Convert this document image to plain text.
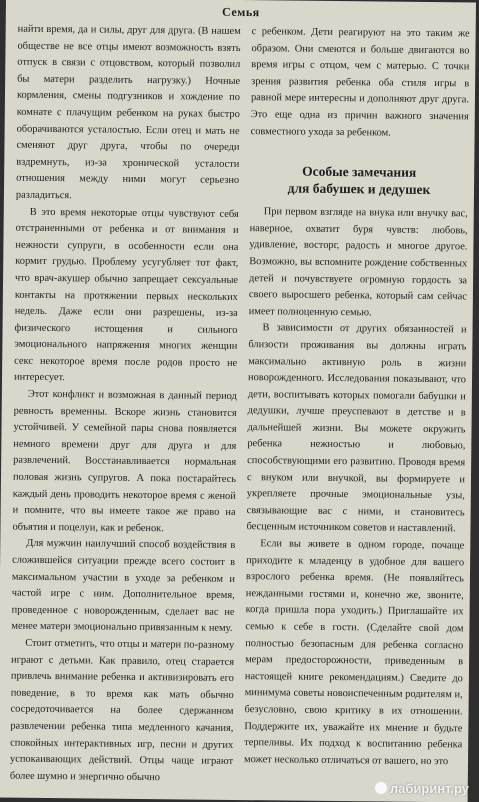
Семья

найти время, да и силы, друг для друга. (В нашем обществе не все отцы имеют возможность взять отпуск в связи с отцовством, который позволил бы матери разделить нагрузку.) Ночные кормления, смены подгузников и хождение по комнате с плачущим ребенком на руках быстро оборачиваются усталостью. Если отец и мать не сменяют друг друга, чтобы по очереди вздремнуть, из-за хронической усталости отношения между ними могут серьезно разладиться.

В это время некоторые отцы чувствуют себя отстраненными от ребенка и от внимания и нежности супруги, в особенности если она кормит грудью. Проблему усугубляет тот факт, что врач-акушер обычно запрещает сексуальные контакты на протяжении первых нескольких недель. Даже если они разрешены, из-за физического истощения и сильного эмоционального напряжения многих женщин секс некоторое время после родов просто не интересует.

Этот конфликт и возможная в данный период ревность временны. Вскоре жизнь становится устойчивей. У семейной пары снова появляется немного времени друг для друга и для развлечений. Восстанавливается нормальная половая жизнь супругов. А пока постарайтесь каждый день проводить некоторое время с женой и помните, что вы имеете такое же право на объятия и поцелуи, как и ребенок.

Для мужчин наилучший способ воздействия в сложившейся ситуации прежде всего состоит в максимальном участии в уходе за ребенком и частой игре с ним. Дополнительное время, проведенное с новорожденным, сделает вас не менее матери эмоционально привязанным к нему.

Стоит отметить, что отцы и матери по-разному играют с детьми. Как правило, отец старается привлечь внимание ребенка и активизировать его поведение, в то время как мать обычно сосредоточивается на более сдержанном развлечении ребенка типа медленного качания, спокойных интерактивных игр, песни и других успокаивающих действий. Отцы чаще играют более шумно и энергично обычно

с ребенком. Дети реагируют на это таким же образом. Они смеются и больше двигаются во время игры с отцом, чем с матерью. С точки зрения развития ребенка оба стиля игры в равной мере интересны и дополняют друг друга. Это еще одна из причин важного значения совместного ухода за ребенком.

Особые замечания
для бабушек и дедушек

При первом взгляде на внука или внучку вас, наверное, охватит буря чувств: любовь, удивление, восторг, радость и многое другое. Возможно, вы вспомните рождение собственных детей и почувствуете огромную гордость за своего выросшего ребенка, который сам сейчас имеет полноценную семью.

В зависимости от других обязанностей и близости проживания вы должны играть максимально активную роль в жизни новорожденного. Исследования показывают, что дети, воспитывать которых помогали бабушки и дедушки, лучше преуспевают в детстве и в дальнейшей жизни. Вы можете окружить ребенка нежностью и любовью, способствующими его развитию. Проводя время с внуком или внучкой, вы формируете и укрепляете прочные эмоциональные узы, связывающие вас с ними, и становитесь бесценным источником советов и наставлений.

Если вы живете в одном городе, почаще приходите к младенцу в удобное для вашего взрослого ребенка время. (Не появляйтесь нежданными гостями и, конечно же, звоните, когда пришла пора уходить.) Приглашайте их семью к себе в гости. (Сделайте свой дом полностью безопасным для ребенка согласно мерам предосторожности, приведенным в настоящей книге рекомендациям.) Сведите до минимума советы новоиспеченным родителям и, безусловно, свою критику в их отношении. Поддержите их, уважайте их мнение и будьте терпеливы. Их подход к воспитанию ребенка может несколько отличаться от вашего, но это

лабиринт.ру
